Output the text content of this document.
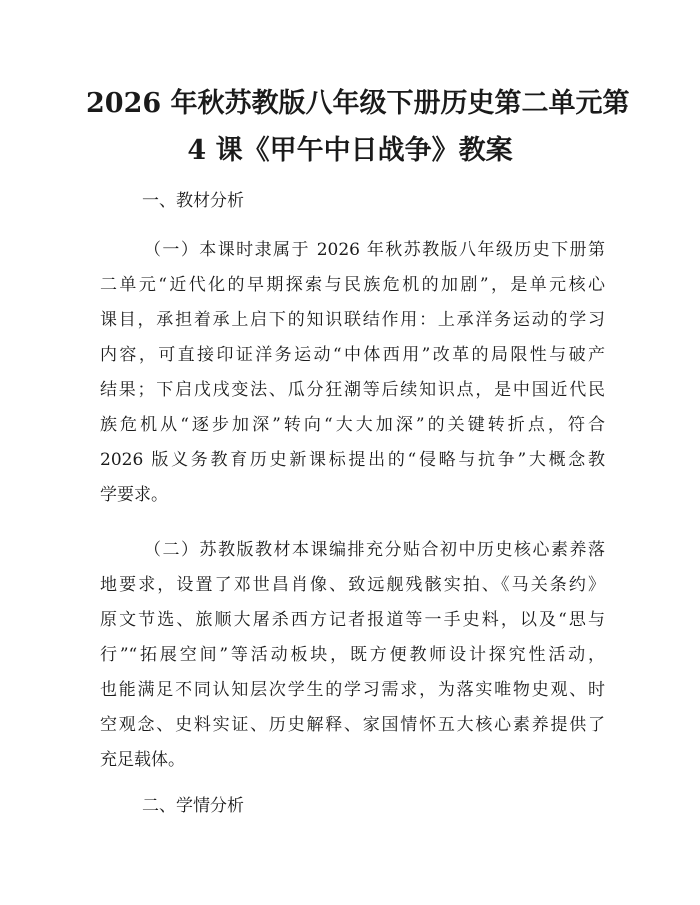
2026 年秋苏教版八年级下册历史第二单元第
4 课《甲午中日战争》教案
一、教材分析
（一）本课时隶属于 2026 年秋苏教版八年级历史下册第
二单元“近代化的早期探索与民族危机的加剧”，是单元核心
课目，承担着承上启下的知识联结作用：上承洋务运动的学习
内容，可直接印证洋务运动“中体西用”改革的局限性与破产
结果；下启戊戌变法、瓜分狂潮等后续知识点，是中国近代民
族危机从“逐步加深”转向“大大加深”的关键转折点，符合
2026 版义务教育历史新课标提出的“侵略与抗争”大概念教
学要求。
（二）苏教版教材本课编排充分贴合初中历史核心素养落
地要求，设置了邓世昌肖像、致远舰残骸实拍、《马关条约》
原文节选、旅顺大屠杀西方记者报道等一手史料，以及“思与
行”“拓展空间”等活动板块，既方便教师设计探究性活动，
也能满足不同认知层次学生的学习需求，为落实唯物史观、时
空观念、史料实证、历史解释、家国情怀五大核心素养提供了
充足载体。
二、学情分析
